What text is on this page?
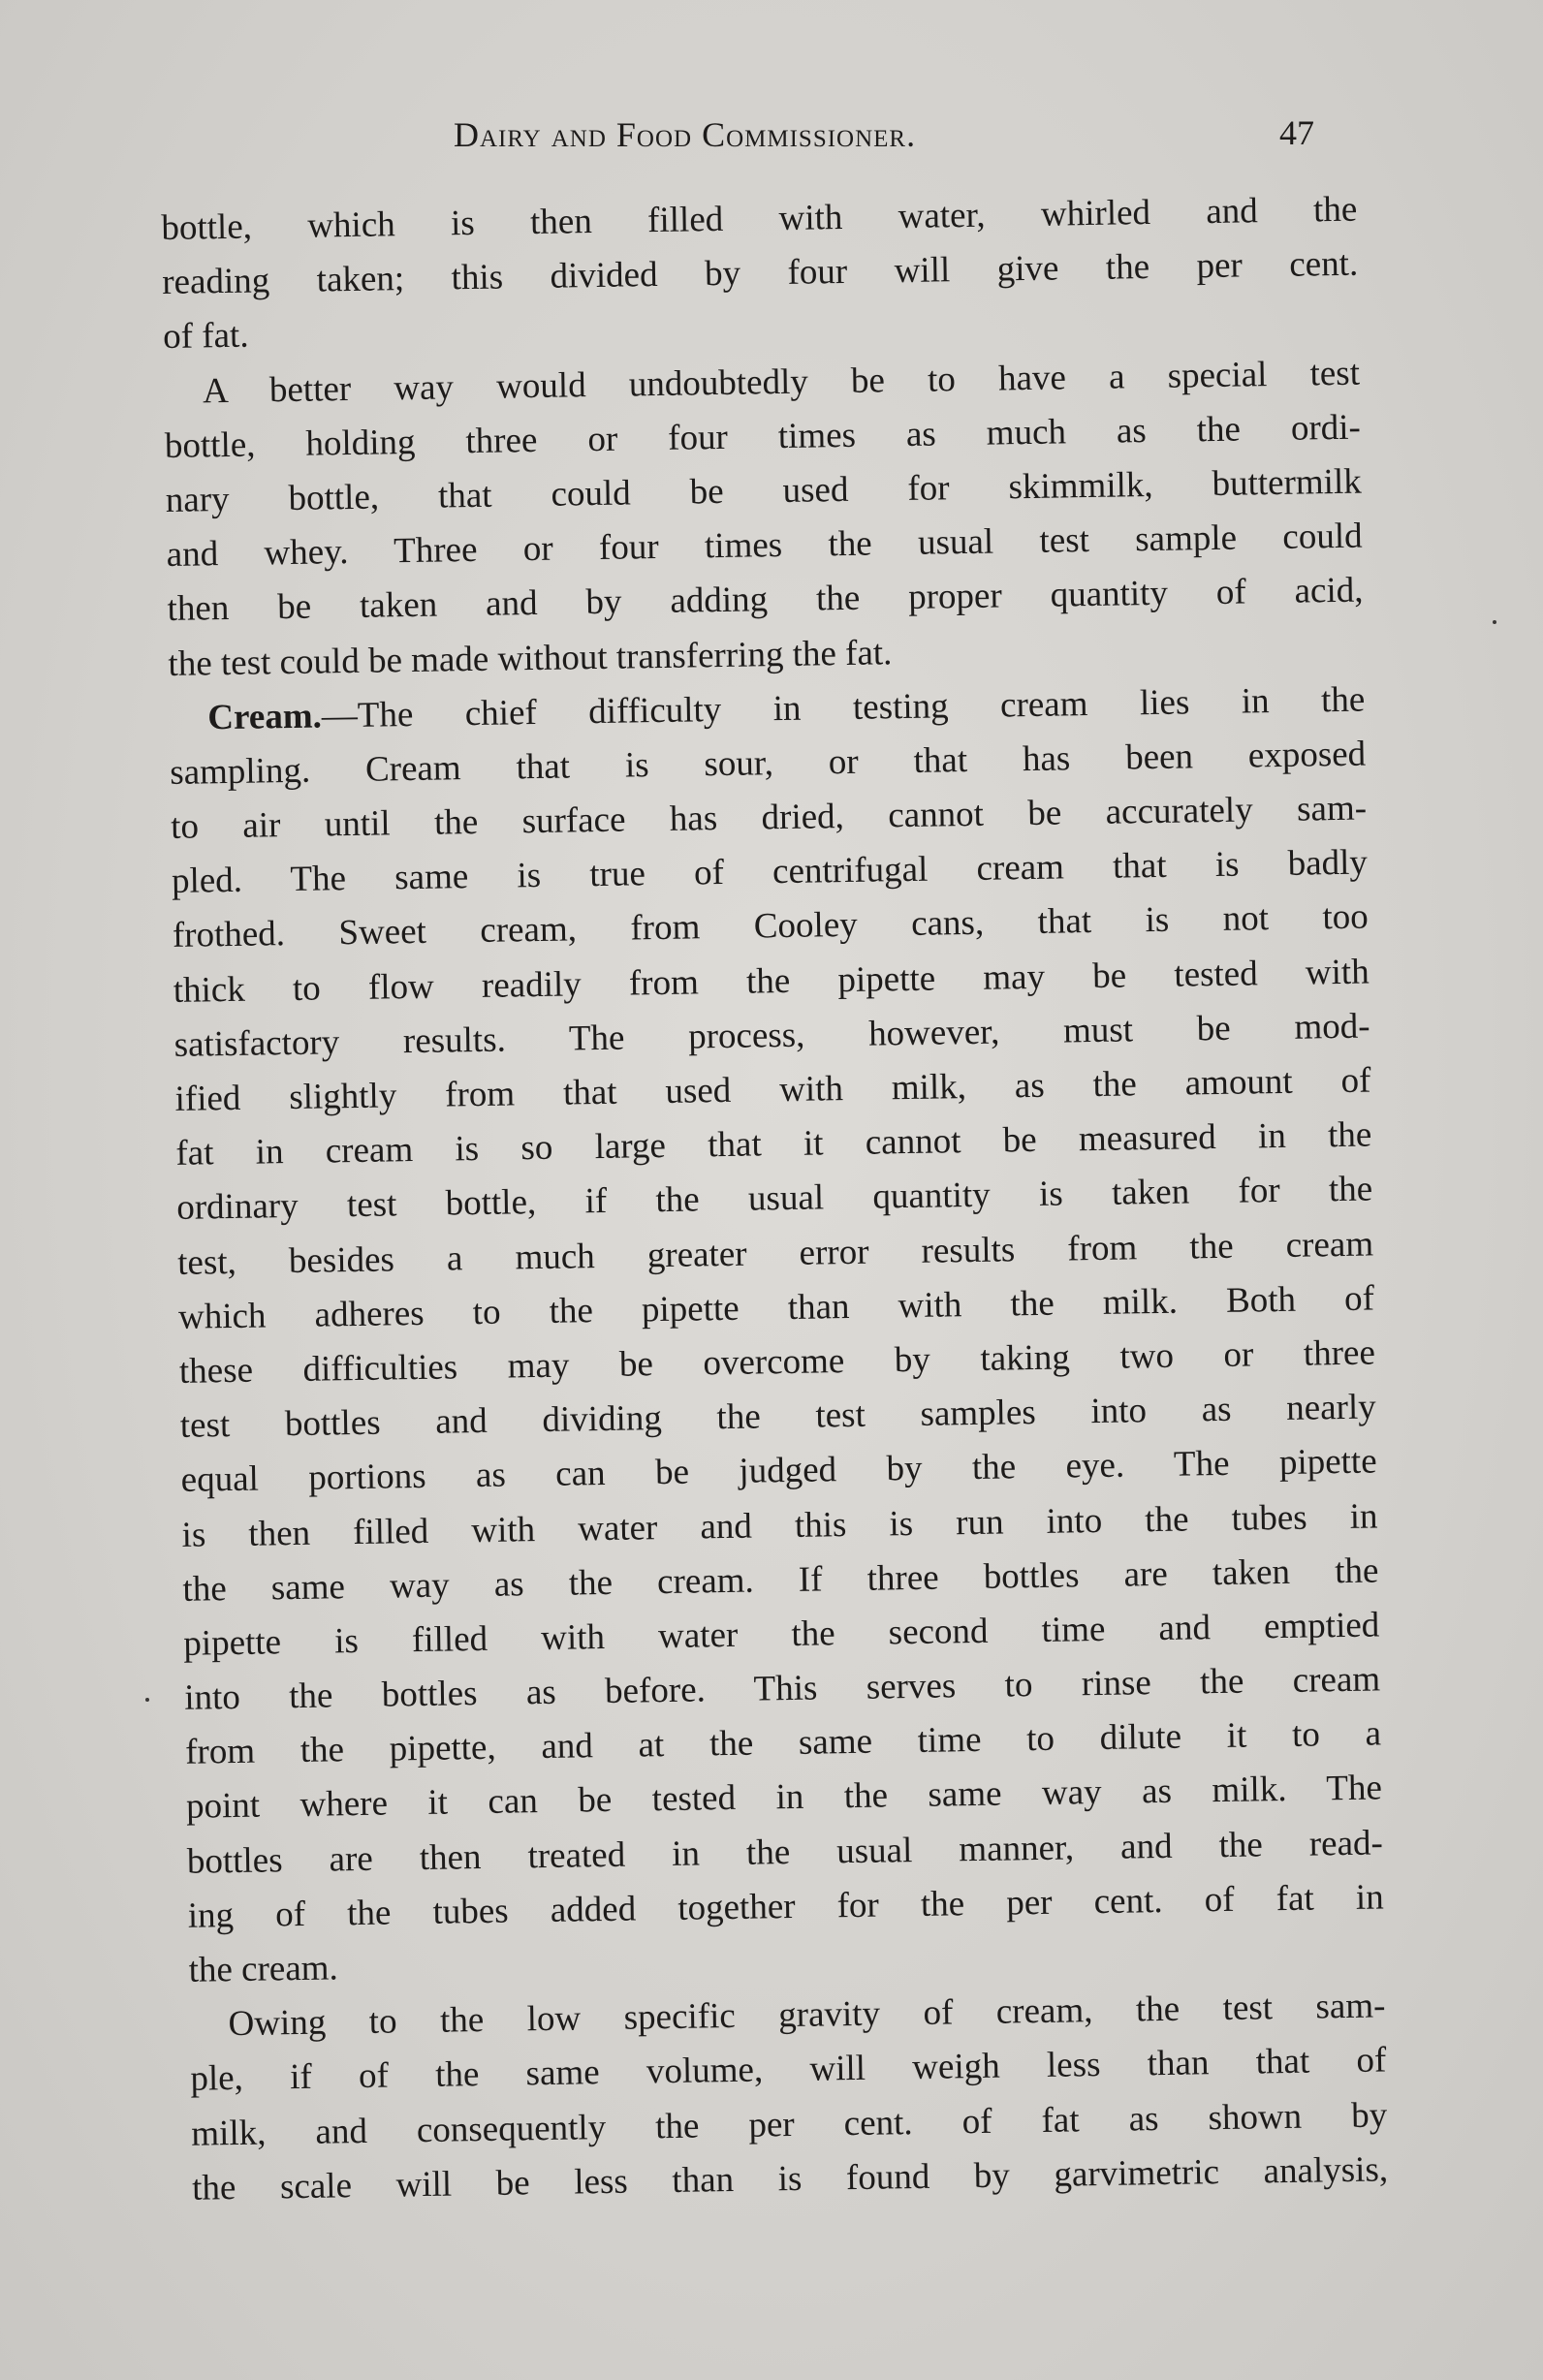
Dairy and Food Commissioner.	47
bottle, which is then filled with water, whirled and the
reading taken; this divided by four will give the per cent.
of fat.
A better way would undoubtedly be to have a special test
bottle, holding three or four times as much as the ordi-
nary bottle, that could be used for skimmilk, buttermilk
and whey. Three or four times the usual test sample could
then be taken and by adding the proper quantity of acid,
the test could be made without transferring the fat.
Cream.—The chief difficulty in testing cream lies in the
sampling. Cream that is sour, or that has been exposed
to air until the surface has dried, cannot be accurately sam-
pled. The same is true of centrifugal cream that is badly
frothed. Sweet cream, from Cooley cans, that is not too
thick to flow readily from the pipette may be tested with
satisfactory results. The process, however, must be mod-
ified slightly from that used with milk, as the amount of
fat in cream is so large that it cannot be measured in the
ordinary test bottle, if the usual quantity is taken for the
test, besides a much greater error results from the cream
which adheres to the pipette than with the milk. Both of
these difficulties may be overcome by taking two or three
test bottles and dividing the test samples into as nearly
equal portions as can be judged by the eye. The pipette
is then filled with water and this is run into the tubes in
the same way as the cream. If three bottles are taken the
pipette is filled with water the second time and emptied
into the bottles as before. This serves to rinse the cream
from the pipette, and at the same time to dilute it to a
point where it can be tested in the same way as milk. The
bottles are then treated in the usual manner, and the read-
ing of the tubes added together for the per cent. of fat in
the cream.
Owing to the low specific gravity of cream, the test sam-
ple, if of the same volume, will weigh less than that of
milk, and consequently the per cent. of fat as shown by
the scale will be less than is found by garvimetric analysis,
